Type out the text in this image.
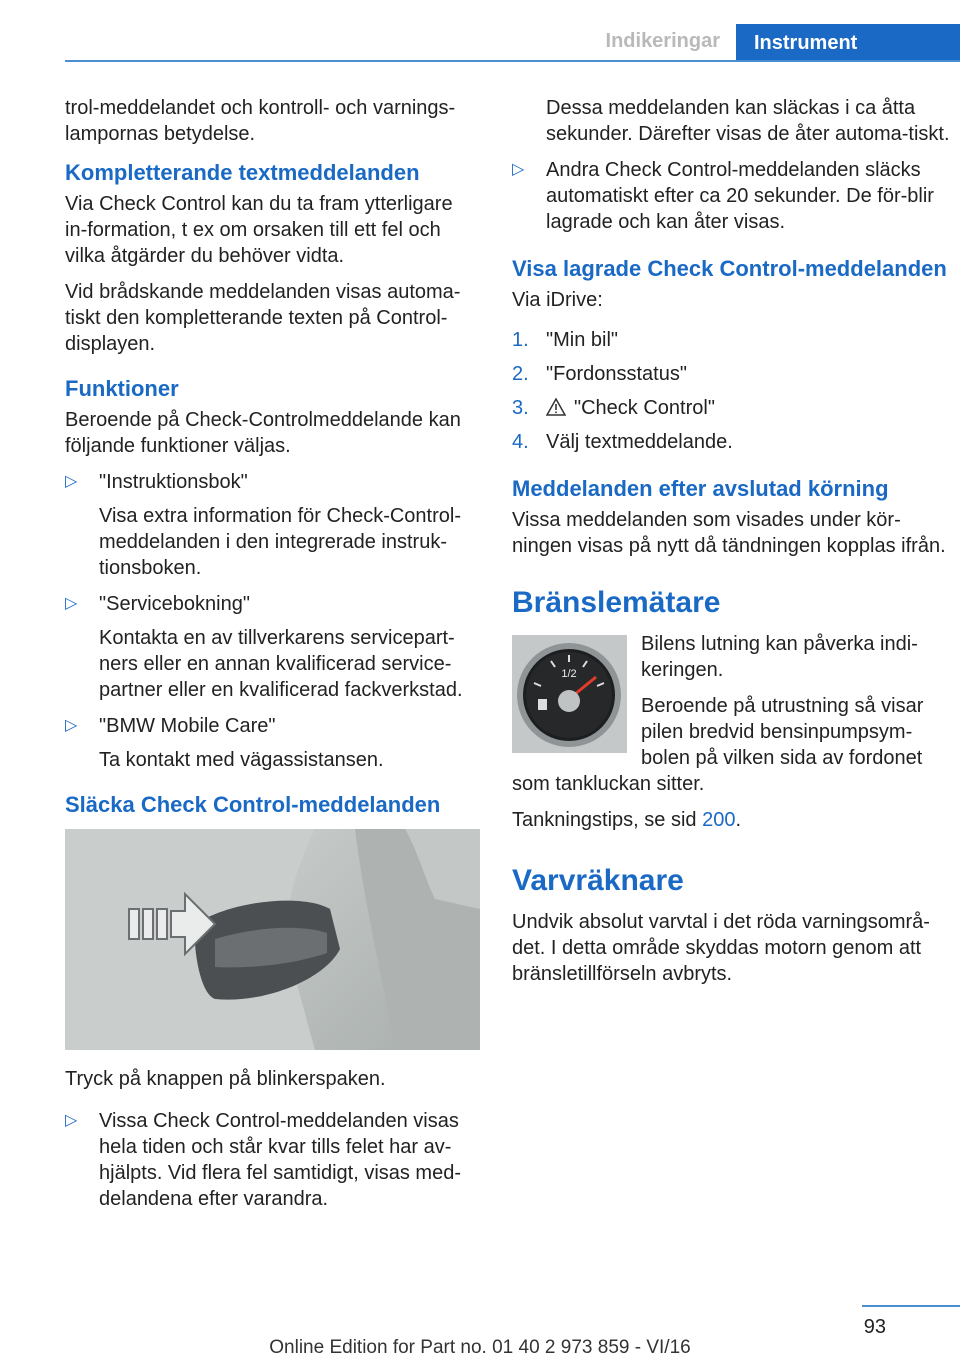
Indikeringar	Instrument

trol-meddelandet och kontroll- och varnings-lampornas betydelse.

Kompletterande textmeddelanden

Via Check Control kan du ta fram ytterligare in-formation, t ex om orsaken till ett fel och vilka åtgärder du behöver vidta.

Vid brådskande meddelanden visas automa-tiskt den kompletterande texten på Control-displayen.

Funktioner

Beroende på Check-Controlmeddelande kan följande funktioner väljas.

▷ "Instruktionsbok"
Visa extra information för Check-Control-meddelanden i den integrerade instruk-tionsboken.
▷ "Servicebokning"
Kontakta en av tillverkarens servicepart-ners eller en annan kvalificerad service-partner eller en kvalificerad fackverkstad.
▷ "BMW Mobile Care"
Ta kontakt med vägassistansen.
Släcka Check Control-meddelanden

Tryck på knappen på blinkerspaken.

▷ Vissa Check Control-meddelanden visas hela tiden och står kvar tills felet har av-hjälpts. Vid flera fel samtidigt, visas med-delandena efter varandra.

Dessa meddelanden kan släckas i ca åtta sekunder. Därefter visas de åter automa-tiskt.

▷ Andra Check Control-meddelanden släcks automatiskt efter ca 20 sekunder. De för-blir lagrade och kan åter visas.
Visa lagrade Check Control-meddelanden

Via iDrive:

1. "Min bil"
2. "Fordonsstatus"
3. "Check Control"
4. Välj textmeddelande.
Meddelanden efter avslutad körning

Vissa meddelanden som visades under kör-ningen visas på nytt då tändningen kopplas ifrån.

Bränslemätare
1/2

Bilens lutning kan påverka indi-keringen.

Beroende på utrustning så visar pilen bredvid bensinpumpsym-bolen på vilken sida av fordonet som tankluckan sitter.

Tankningstips, se sid 200.

Varvräknare

Undvik absolut varvtal i det röda varningsområ-det. I detta område skyddas motorn genom att bränsletillförseln avbryts.

93
Online Edition for Part no. 01 40 2 973 859 - VI/16
